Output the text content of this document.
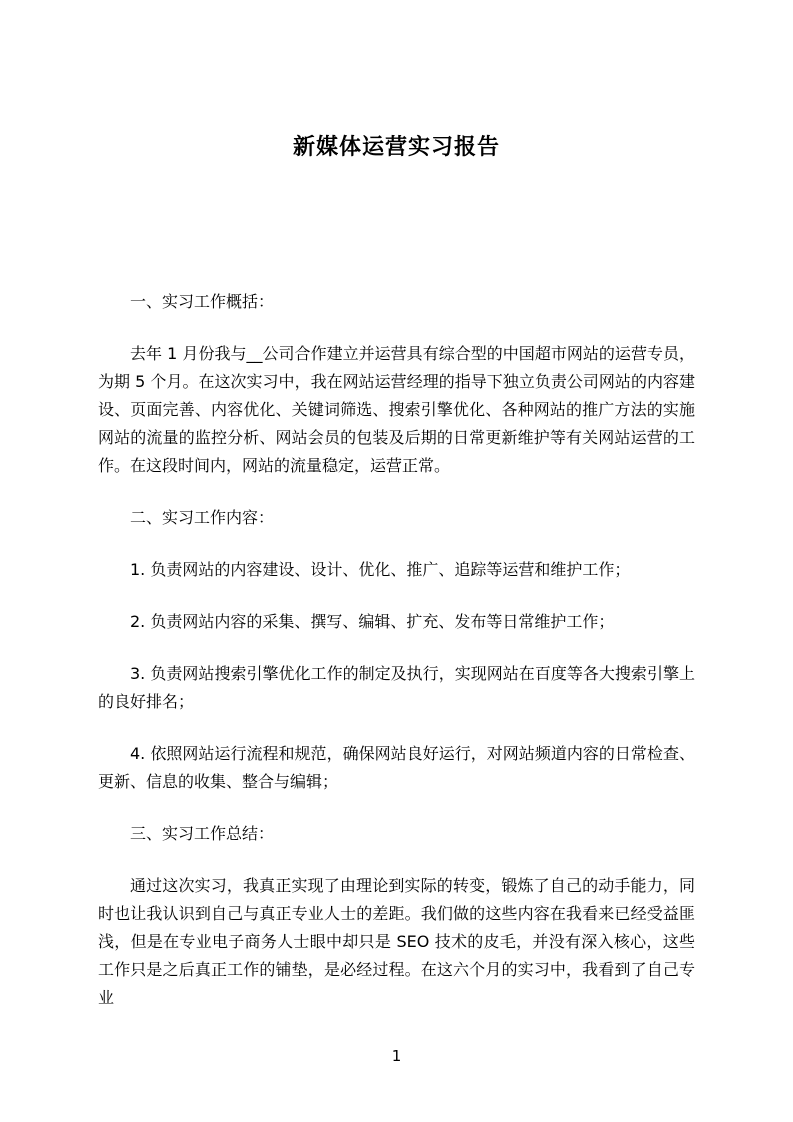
新媒体运营实习报告

一、实习工作概括：

去年 1 月份我与__公司合作建立并运营具有综合型的中国超市网站的运营专员，为期 5 个月。在这次实习中，我在网站运营经理的指导下独立负责公司网站的内容建设、页面完善、内容优化、关键词筛选、搜索引擎优化、各种网站的推广方法的实施网站的流量的监控分析、网站会员的包装及后期的日常更新维护等有关网站运营的工作。在这段时间内，网站的流量稳定，运营正常。

二、实习工作内容：

1. 负责网站的内容建设、设计、优化、推广、追踪等运营和维护工作；

2. 负责网站内容的采集、撰写、编辑、扩充、发布等日常维护工作；

3. 负责网站搜索引擎优化工作的制定及执行，实现网站在百度等各大搜索引擎上的良好排名；

4. 依照网站运行流程和规范，确保网站良好运行，对网站频道内容的日常检查、更新、信息的收集、整合与编辑；

三、实习工作总结：

通过这次实习，我真正实现了由理论到实际的转变，锻炼了自己的动手能力，同时也让我认识到自己与真正专业人士的差距。我们做的这些内容在我看来已经受益匪浅，但是在专业电子商务人士眼中却只是 SEO 技术的皮毛，并没有深入核心，这些工作只是之后真正工作的铺垫，是必经过程。在这六个月的实习中，我看到了自己专业

1
